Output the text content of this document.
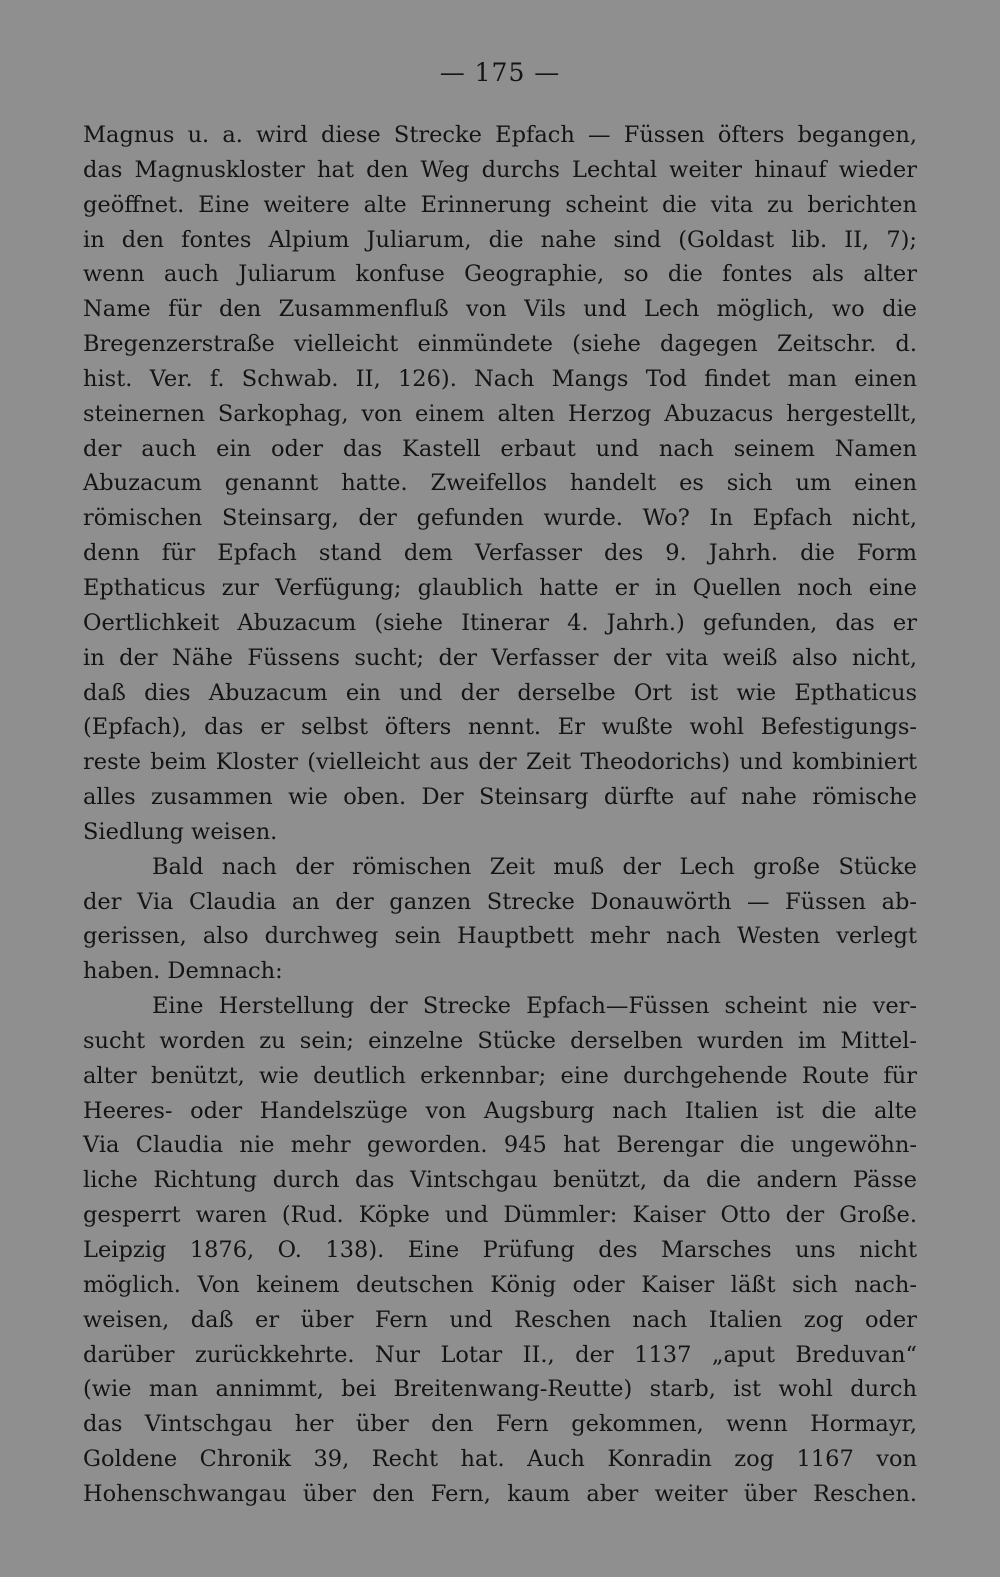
— 175 —
Magnus u. a. wird diese Strecke Epfach — Füssen öfters begangen,
das Magnuskloster hat den Weg durchs Lechtal weiter hinauf wieder
geöffnet. Eine weitere alte Erinnerung scheint die vita zu berichten
in den fontes Alpium Juliarum, die nahe sind (Goldast lib. II, 7);
wenn auch Juliarum konfuse Geographie, so die fontes als alter
Name für den Zusammenfluß von Vils und Lech möglich, wo die
Bregenzerstraße vielleicht einmündete (siehe dagegen Zeitschr. d.
hist. Ver. f. Schwab. II, 126). Nach Mangs Tod findet man einen
steinernen Sarkophag, von einem alten Herzog Abuzacus hergestellt,
der auch ein oder das Kastell erbaut und nach seinem Namen
Abuzacum genannt hatte. Zweifellos handelt es sich um einen
römischen Steinsarg, der gefunden wurde. Wo? In Epfach nicht,
denn für Epfach stand dem Verfasser des 9. Jahrh. die Form
Epthaticus zur Verfügung; glaublich hatte er in Quellen noch eine
Oertlichkeit Abuzacum (siehe Itinerar 4. Jahrh.) gefunden, das er
in der Nähe Füssens sucht; der Verfasser der vita weiß also nicht,
daß dies Abuzacum ein und der derselbe Ort ist wie Epthaticus
(Epfach), das er selbst öfters nennt. Er wußte wohl Befestigungs-
reste beim Kloster (vielleicht aus der Zeit Theodorichs) und kombiniert
alles zusammen wie oben. Der Steinsarg dürfte auf nahe römische
Siedlung weisen.
Bald nach der römischen Zeit muß der Lech große Stücke
der Via Claudia an der ganzen Strecke Donauwörth — Füssen ab-
gerissen, also durchweg sein Hauptbett mehr nach Westen verlegt
haben. Demnach:
Eine Herstellung der Strecke Epfach—Füssen scheint nie ver-
sucht worden zu sein; einzelne Stücke derselben wurden im Mittel-
alter benützt, wie deutlich erkennbar; eine durchgehende Route für
Heeres- oder Handelszüge von Augsburg nach Italien ist die alte
Via Claudia nie mehr geworden. 945 hat Berengar die ungewöhn-
liche Richtung durch das Vintschgau benützt, da die andern Pässe
gesperrt waren (Rud. Köpke und Dümmler: Kaiser Otto der Große.
Leipzig 1876, O. 138). Eine Prüfung des Marsches uns nicht
möglich. Von keinem deutschen König oder Kaiser läßt sich nach-
weisen, daß er über Fern und Reschen nach Italien zog oder
darüber zurückkehrte. Nur Lotar II., der 1137 „aput Breduvan“
(wie man annimmt, bei Breitenwang-Reutte) starb, ist wohl durch
das Vintschgau her über den Fern gekommen, wenn Hormayr,
Goldene Chronik 39, Recht hat. Auch Konradin zog 1167 von
Hohenschwangau über den Fern, kaum aber weiter über Reschen.
